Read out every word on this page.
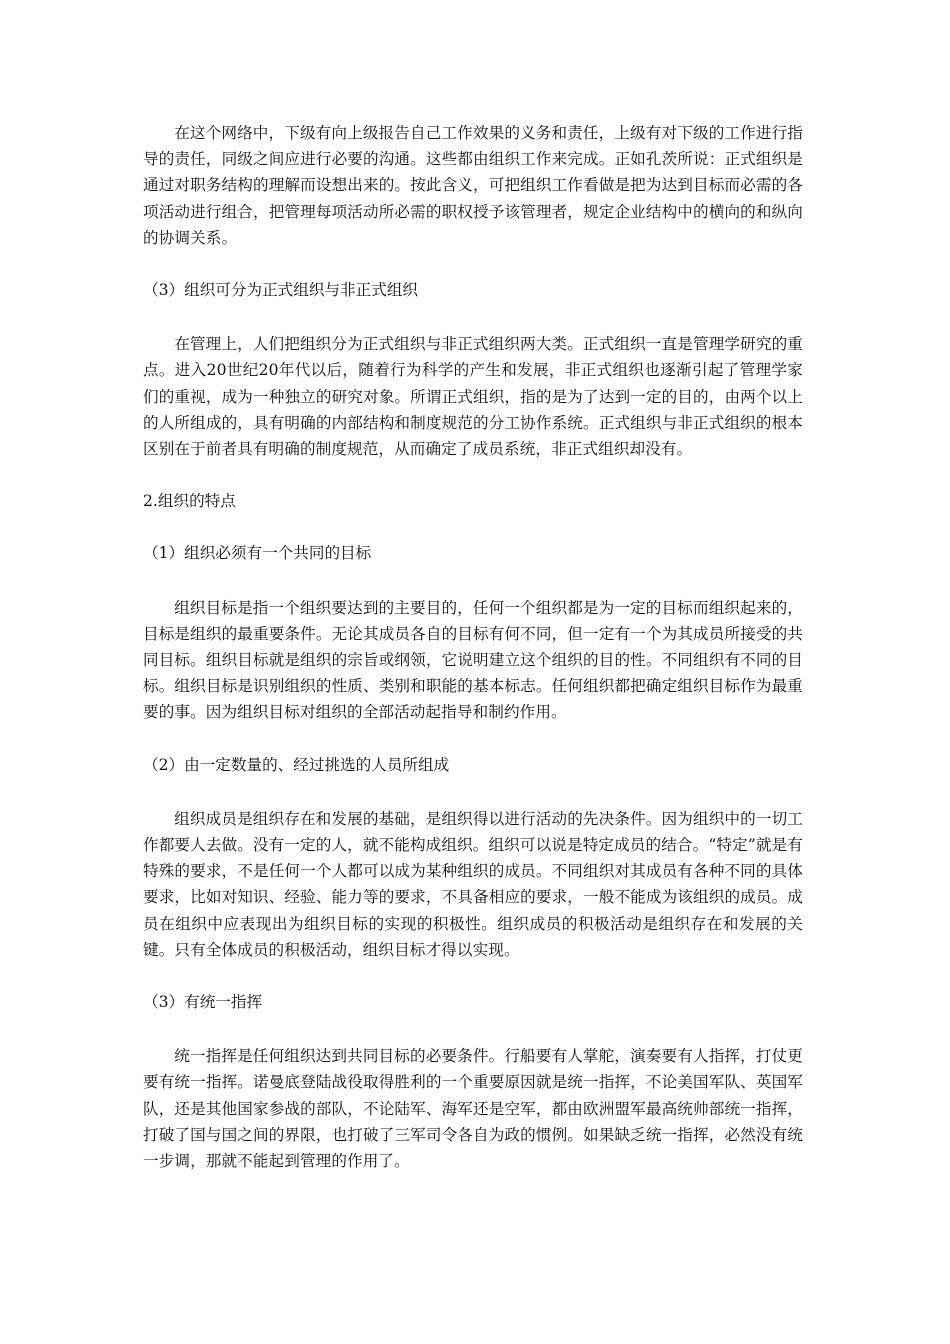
在这个网络中，下级有向上级报告自己工作效果的义务和责任，上级有对下级的工作进行指导的责任，同级之间应进行必要的沟通。这些都由组织工作来完成。正如孔茨所说：正式组织是通过对职务结构的理解而设想出来的。按此含义，可把组织工作看做是把为达到目标而必需的各项活动进行组合，把管理每项活动所必需的职权授予该管理者，规定企业结构中的横向的和纵向的协调关系。

（3）组织可分为正式组织与非正式组织

在管理上，人们把组织分为正式组织与非正式组织两大类。正式组织一直是管理学研究的重点。进入20世纪20年代以后，随着行为科学的产生和发展，非正式组织也逐渐引起了管理学家们的重视，成为一种独立的研究对象。所谓正式组织，指的是为了达到一定的目的，由两个以上的人所组成的，具有明确的内部结构和制度规范的分工协作系统。正式组织与非正式组织的根本区别在于前者具有明确的制度规范，从而确定了成员系统，非正式组织却没有。

2.组织的特点

（1）组织必须有一个共同的目标

组织目标是指一个组织要达到的主要目的，任何一个组织都是为一定的目标而组织起来的，目标是组织的最重要条件。无论其成员各自的目标有何不同，但一定有一个为其成员所接受的共同目标。组织目标就是组织的宗旨或纲领，它说明建立这个组织的目的性。不同组织有不同的目标。组织目标是识别组织的性质、类别和职能的基本标志。任何组织都把确定组织目标作为最重要的事。因为组织目标对组织的全部活动起指导和制约作用。

（2）由一定数量的、经过挑选的人员所组成

组织成员是组织存在和发展的基础，是组织得以进行活动的先决条件。因为组织中的一切工作都要人去做。没有一定的人，就不能构成组织。组织可以说是特定成员的结合。“特定”就是有特殊的要求，不是任何一个人都可以成为某种组织的成员。不同组织对其成员有各种不同的具体要求，比如对知识、经验、能力等的要求，不具备相应的要求，一般不能成为该组织的成员。成员在组织中应表现出为组织目标的实现的积极性。组织成员的积极活动是组织存在和发展的关键。只有全体成员的积极活动，组织目标才得以实现。

（3）有统一指挥

统一指挥是任何组织达到共同目标的必要条件。行船要有人掌舵，演奏要有人指挥，打仗更要有统一指挥。诺曼底登陆战役取得胜利的一个重要原因就是统一指挥，不论美国军队、英国军队，还是其他国家参战的部队，不论陆军、海军还是空军，都由欧洲盟军最高统帅部统一指挥，打破了国与国之间的界限，也打破了三军司令各自为政的惯例。如果缺乏统一指挥，必然没有统一步调，那就不能起到管理的作用了。
